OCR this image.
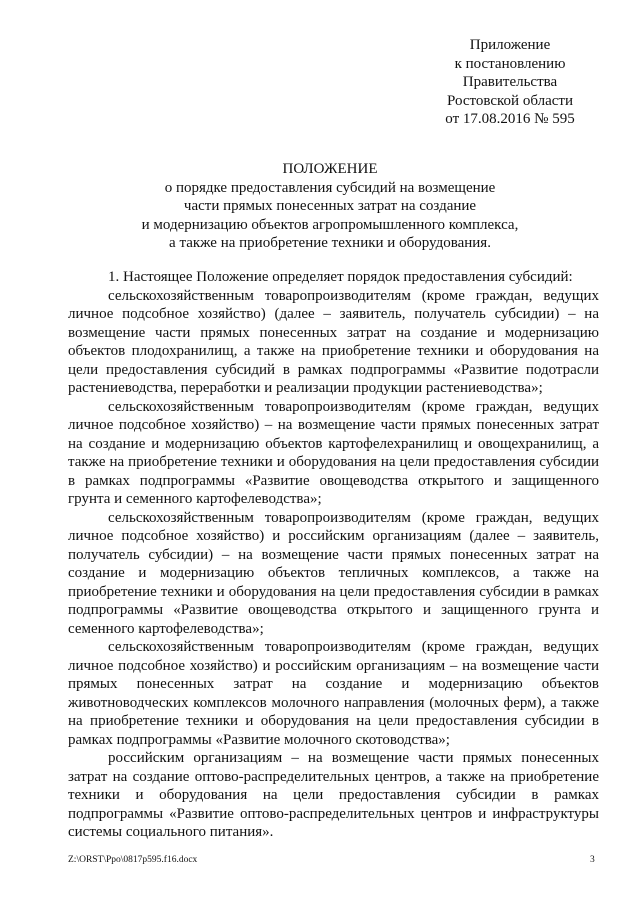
Приложение
к постановлению
Правительства
Ростовской области
от 17.08.2016 № 595
ПОЛОЖЕНИЕ
о порядке предоставления субсидий на возмещение
части прямых понесенных затрат на создание
и модернизацию объектов агропромышленного комплекса,
а также на приобретение техники и оборудования.

1. Настоящее Положение определяет порядок предоставления субсидий:

сельскохозяйственным товаропроизводителям (кроме граждан, ведущих личное подсобное хозяйство) (далее – заявитель, получатель субсидии) – на возмещение части прямых понесенных затрат на создание и модернизацию объектов плодохранилищ, а также на приобретение техники и оборудования на цели предоставления субсидий в рамках подпрограммы «Развитие подотрасли растениеводства, переработки и реализации продукции растениеводства»;

сельскохозяйственным товаропроизводителям (кроме граждан, ведущих личное подсобное хозяйство) – на возмещение части прямых понесенных затрат на создание и модернизацию объектов картофелехранилищ и овощехранилищ, а также на приобретение техники и оборудования на цели предоставления субсидии в рамках подпрограммы «Развитие овощеводства открытого и защищенного грунта и семенного картофелеводства»;

сельскохозяйственным товаропроизводителям (кроме граждан, ведущих личное подсобное хозяйство) и российским организациям (далее – заявитель, получатель субсидии) – на возмещение части прямых понесенных затрат на создание и модернизацию объектов тепличных комплексов, а также на приобретение техники и оборудования на цели предоставления субсидии в рамках подпрограммы «Развитие овощеводства открытого и защищенного грунта и семенного картофелеводства»;

сельскохозяйственным товаропроизводителям (кроме граждан, ведущих личное подсобное хозяйство) и российским организациям – на возмещение части прямых понесенных затрат на создание и модернизацию объектов животноводческих комплексов молочного направления (молочных ферм), а также на приобретение техники и оборудования на цели предоставления субсидии в рамках подпрограммы «Развитие молочного скотоводства»;

российским организациям – на возмещение части прямых понесенных затрат на создание оптово-распределительных центров, а также на приобретение техники и оборудования на цели предоставления субсидии в рамках подпрограммы «Развитие оптово-распределительных центров и инфраструктуры системы социального питания».

Z:\ORST\Ppo\0817p595.f16.docx	3
